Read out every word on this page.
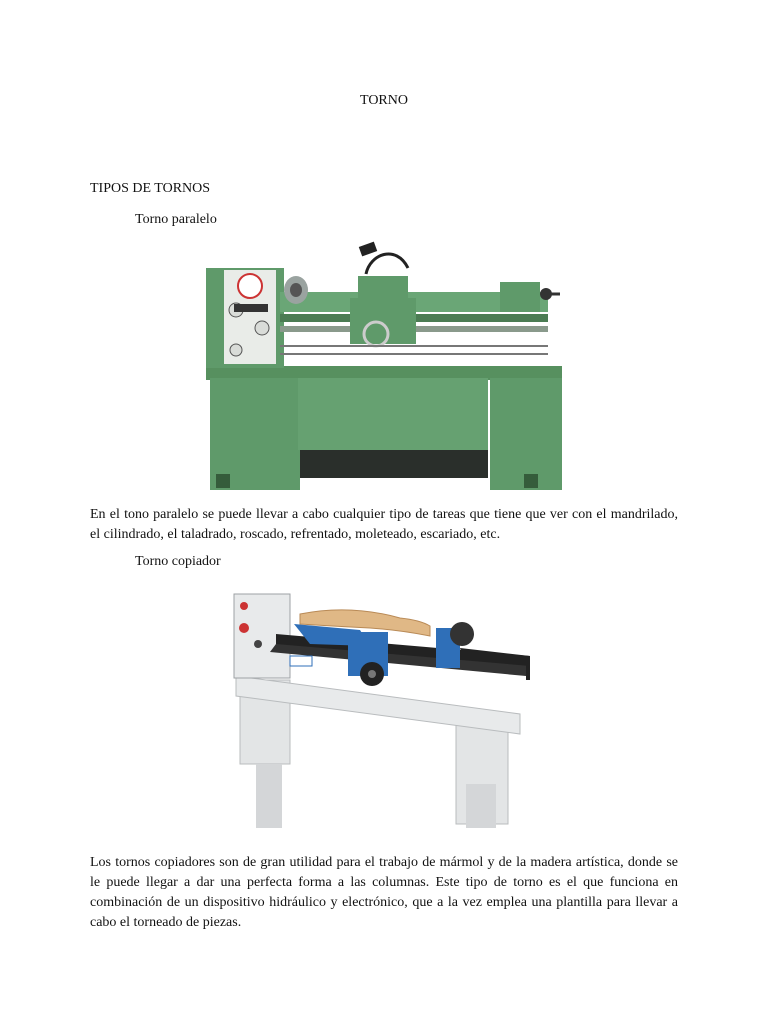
TORNO
TIPOS DE TORNOS
Torno paralelo
En el tono paralelo se puede llevar a cabo cualquier tipo de tareas que tiene que ver con el mandrilado, el cilindrado, el taladrado, roscado, refrentado, moleteado, escariado, etc.
Torno copiador
Los tornos copiadores son de gran utilidad para el trabajo de mármol y de la madera artística, donde se le puede llegar a dar una perfecta forma a las columnas. Este tipo de torno es el que funciona en combinación de un dispositivo hidráulico y electrónico, que a la vez emplea una plantilla para llevar a cabo el torneado de piezas.
